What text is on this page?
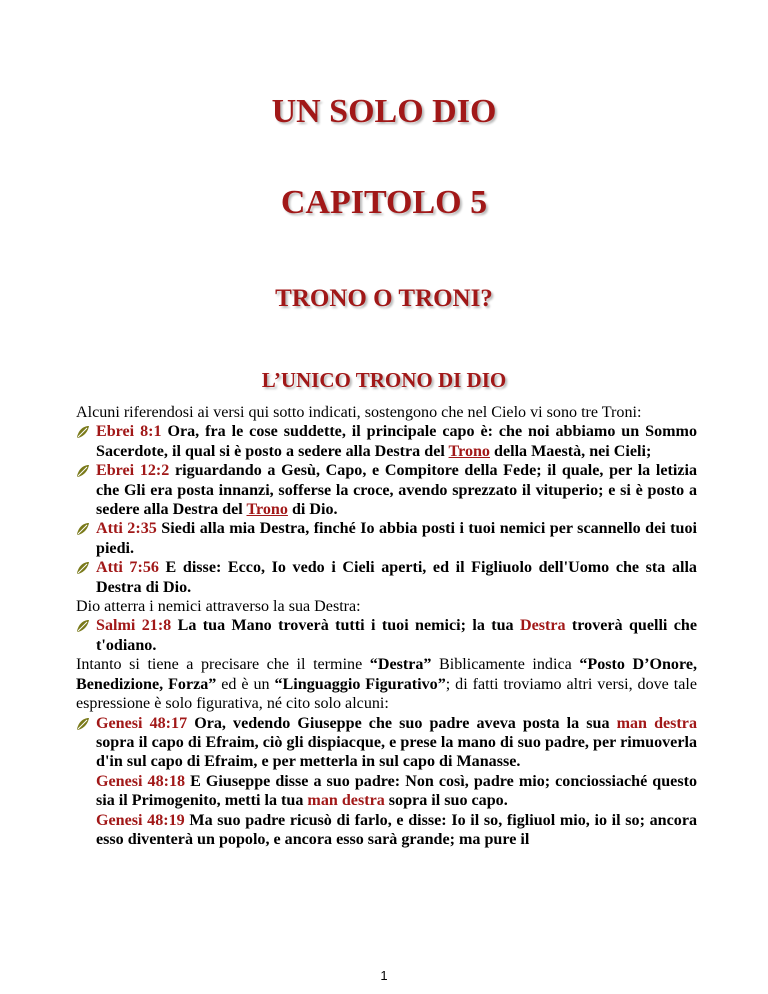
UN SOLO DIO
CAPITOLO 5
TRONO O TRONI?
L’UNICO TRONO DI DIO

Alcuni riferendosi ai versi qui sotto indicati, sostengono che nel Cielo vi sono tre Troni:

Ebrei 8:1 Ora, fra le cose suddette, il principale capo è: che noi abbiamo un Sommo Sacerdote, il qual si è posto a sedere alla Destra del Trono della Maestà, nei Cieli;

Ebrei 12:2 riguardando a Gesù, Capo, e Compitore della Fede; il quale, per la letizia che Gli era posta innanzi, sofferse la croce, avendo sprezzato il vituperio; e si è posto a sedere alla Destra del Trono di Dio.

Atti 2:35 Siedi alla mia Destra, finché Io abbia posti i tuoi nemici per scannello dei tuoi piedi.

Atti 7:56 E disse: Ecco, Io vedo i Cieli aperti, ed il Figliuolo dell'Uomo che sta alla Destra di Dio.

Dio atterra i nemici attraverso la sua Destra:

Salmi 21:8 La tua Mano troverà tutti i tuoi nemici; la tua Destra troverà quelli che t'odiano.

Intanto si tiene a precisare che il termine “Destra” Biblicamente indica “Posto D’Onore, Benedizione, Forza” ed è un “Linguaggio Figurativo”; di fatti troviamo altri versi, dove tale espressione è solo figurativa, né cito solo alcuni:

Genesi 48:17 Ora, vedendo Giuseppe che suo padre aveva posta la sua man destra sopra il capo di Efraim, ciò gli dispiacque, e prese la mano di suo padre, per rimuoverla d'in sul capo di Efraim, e per metterla in sul capo di Manasse.

Genesi 48:18 E Giuseppe disse a suo padre: Non così, padre mio; conciossiaché questo sia il Primogenito, metti la tua man destra sopra il suo capo.

Genesi 48:19 Ma suo padre ricusò di farlo, e disse: Io il so, figliuol mio, io il so; ancora esso diventerà un popolo, e ancora esso sarà grande; ma pure il

1
